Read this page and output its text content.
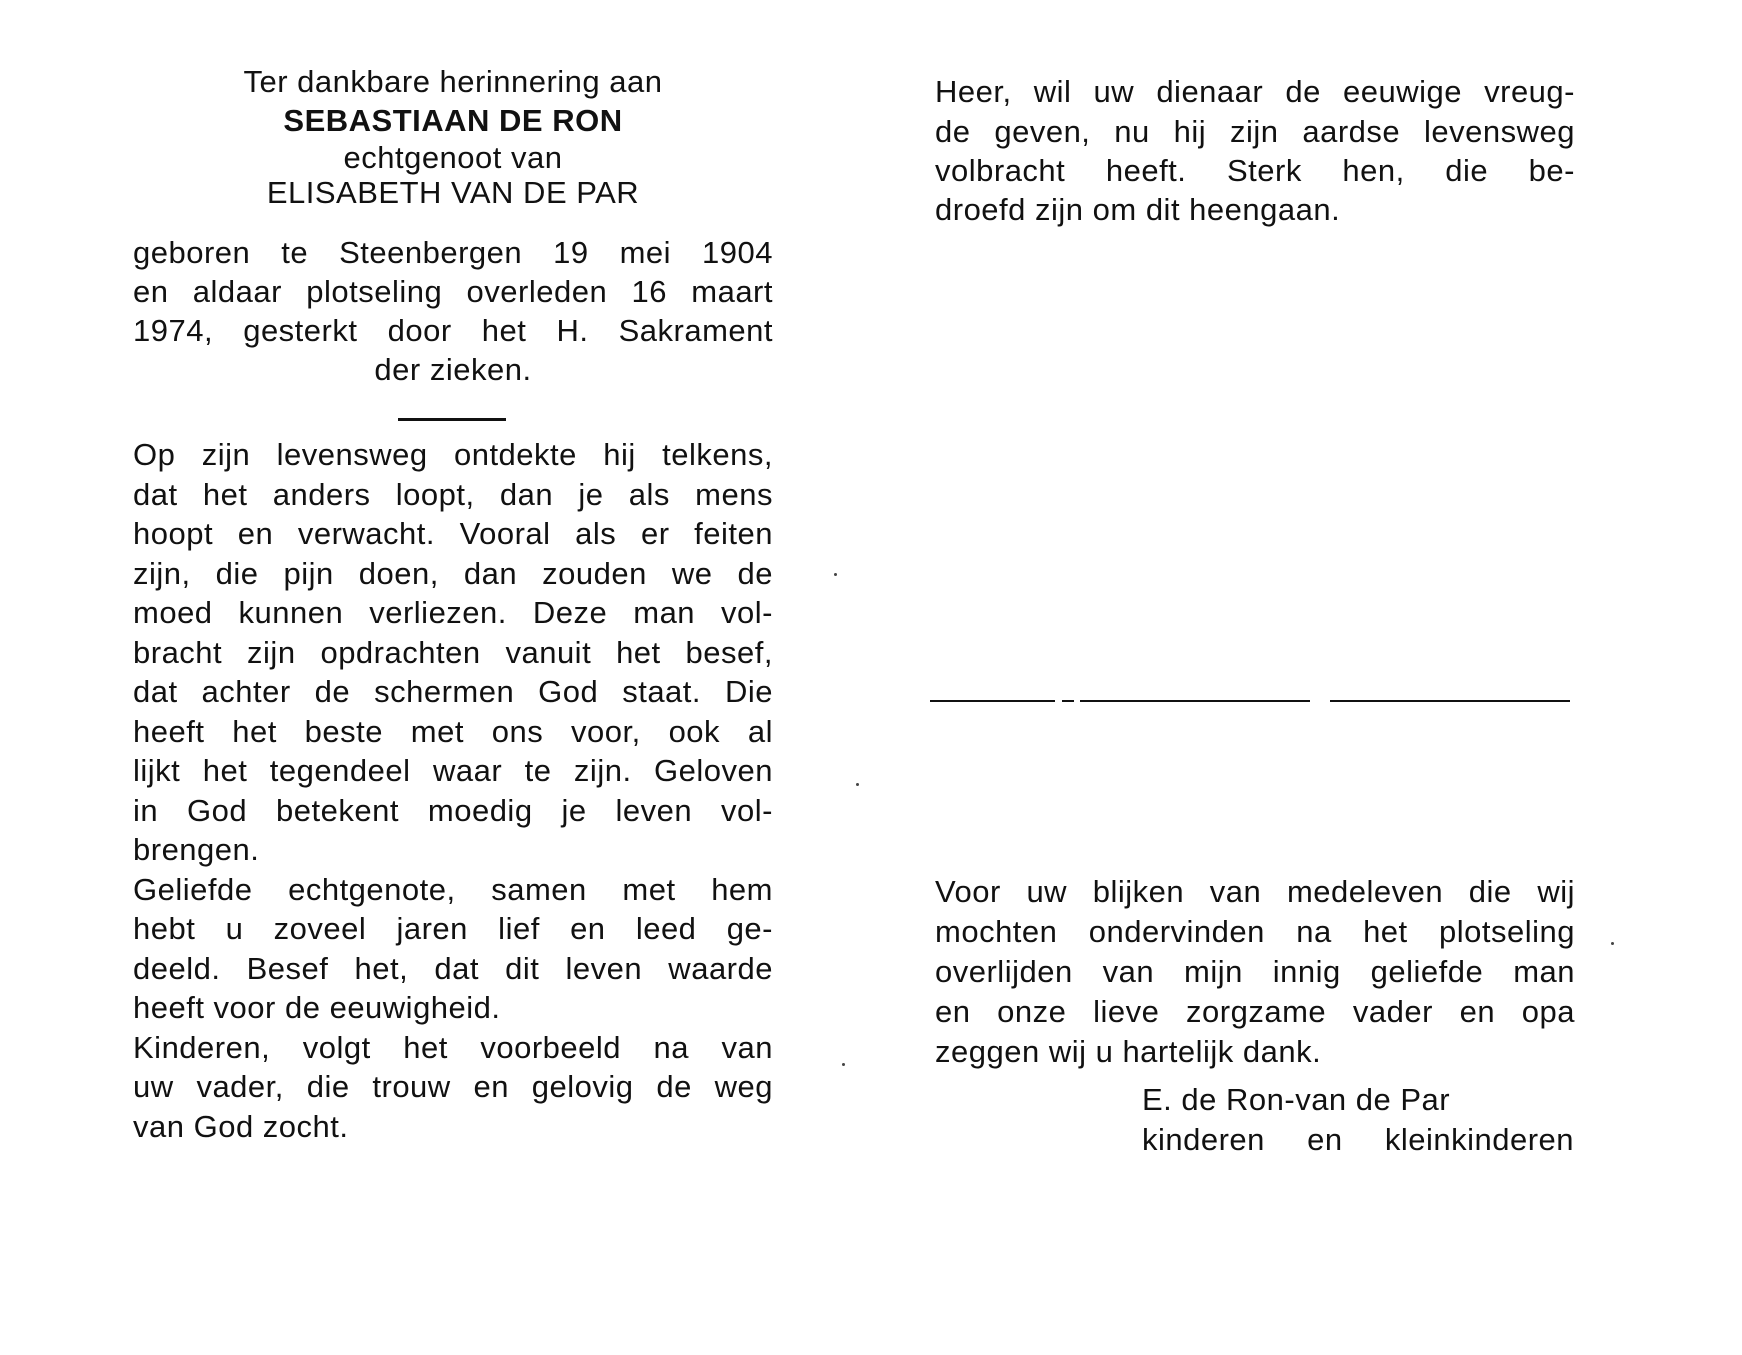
Ter dankbare herinnering aan
SEBASTIAAN DE RON
echtgenoot van
ELISABETH VAN DE PAR
geboren te Steenbergen 19 mei 1904
en aldaar plotseling overleden 16 maart
1974, gesterkt door het H. Sakrament
der zieken.
Op zijn levensweg ontdekte hij telkens,
dat het anders loopt, dan je als mens
hoopt en verwacht. Vooral als er feiten
zijn, die pijn doen, dan zouden we de
moed kunnen verliezen. Deze man vol-
bracht zijn opdrachten vanuit het besef,
dat achter de schermen God staat. Die
heeft het beste met ons voor, ook al
lijkt het tegendeel waar te zijn. Geloven
in God betekent moedig je leven vol-
brengen.
Geliefde echtgenote, samen met hem
hebt u zoveel jaren lief en leed ge-
deeld. Besef het, dat dit leven waarde
heeft voor de eeuwigheid.
Kinderen, volgt het voorbeeld na van
uw vader, die trouw en gelovig de weg
van God zocht.
Heer, wil uw dienaar de eeuwige vreug-
de geven, nu hij zijn aardse levensweg
volbracht heeft. Sterk hen, die be-
droefd zijn om dit heengaan.
Voor uw blijken van medeleven die wij
mochten ondervinden na het plotseling
overlijden van mijn innig geliefde man
en onze lieve zorgzame vader en opa
zeggen wij u hartelijk dank.
E. de Ron-van de Par
kinderen en kleinkinderen
